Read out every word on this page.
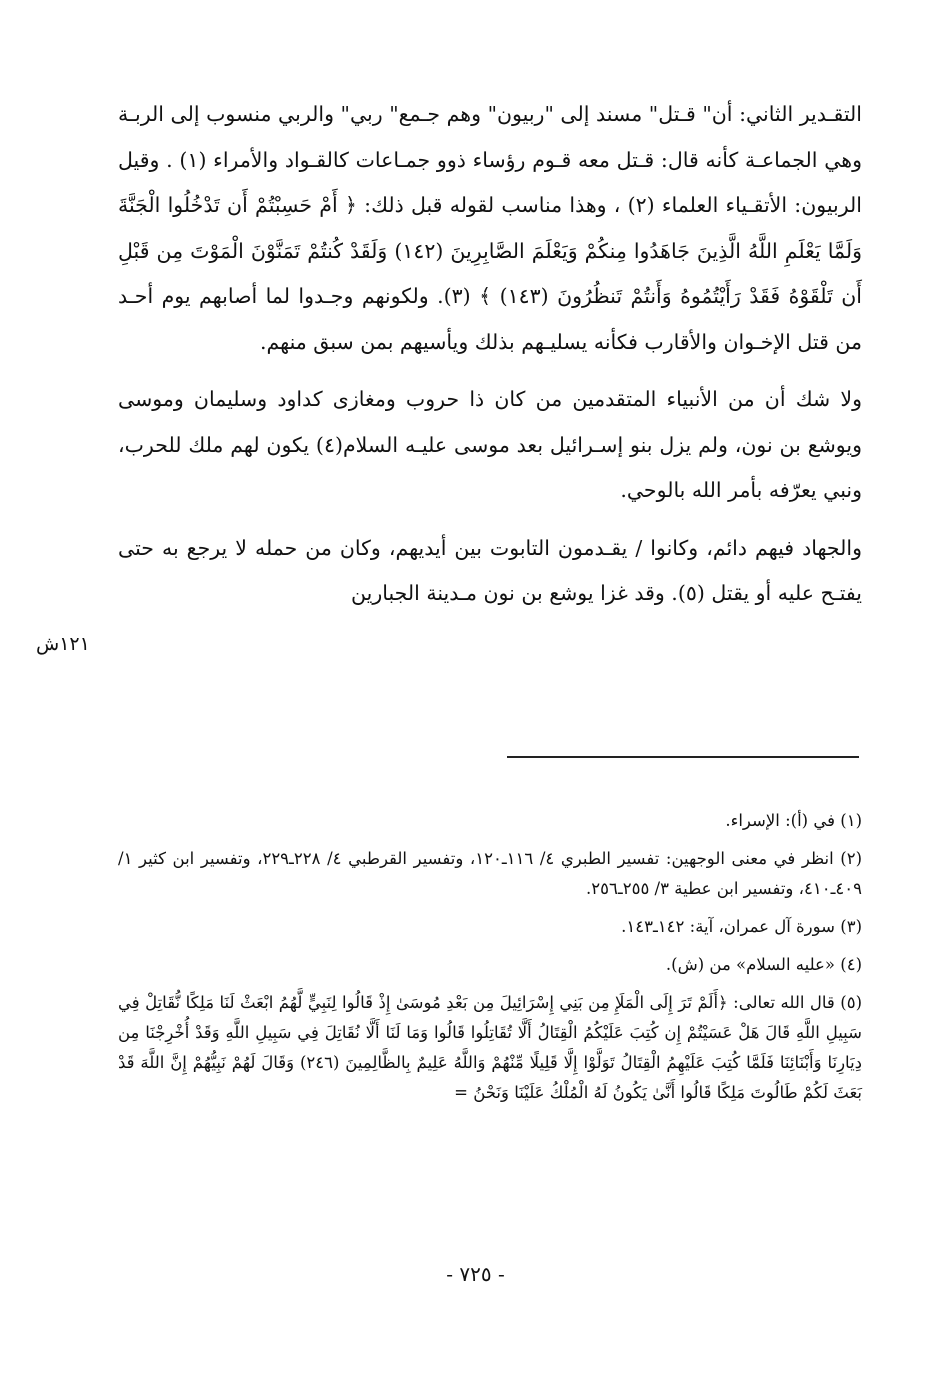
التقـدير الثاني: أن" قـتل" مسند إلى "ربيون" وهم جـمع" ربي" والربي منسوب إلى الربـة وهي الجماعـة كأنه قال: قـتل معه قـوم رؤساء ذوو جمـاعات كالقـواد والأمراء (١) . وقيل الربيون: الأتقـياء العلماء (٢) ، وهذا مناسب لقوله قبل ذلك: ﴿ أَمْ حَسِبْتُمْ أَن تَدْخُلُوا الْجَنَّةَ وَلَمَّا يَعْلَمِ اللَّهُ الَّذِينَ جَاهَدُوا مِنكُمْ وَيَعْلَمَ الصَّابِرِينَ (١٤٢) وَلَقَدْ كُنتُمْ تَمَنَّوْنَ الْمَوْتَ مِن قَبْلِ أَن تَلْقَوْهُ فَقَدْ رَأَيْتُمُوهُ وَأَنتُمْ تَنظُرُونَ (١٤٣) ﴾ (٣). ولكونهم وجـدوا لما أصابهم يوم أحـد من قتل الإخـوان والأقارب فكأنه يسليـهم بذلك ويأسيهم بمن سبق منهم.

ولا شك أن من الأنبياء المتقدمين من كان ذا حروب ومغازى كداود وسليمان وموسى ويوشع بن نون، ولم يزل بنو إسـرائيل بعد موسى عليـه السلام(٤) يكون لهم ملك للحرب، ونبي يعرّفه بأمر الله بالوحي.

والجهاد فيهم دائم، وكانوا / يقـدمون التابوت بين أيديهم، وكان من حمله لا يرجع به حتى يفتـح عليه أو يقتل (٥). وقد غزا يوشع بن نون مـدينة الجبارين

١٢١ش
(١) في (أ): الإسراء.
(٢) انظر في معنى الوجهين: تفسير الطبري ٤/ ١١٦ـ١٢٠، وتفسير القرطبي ٤/ ٢٢٨ـ٢٢٩، وتفسير ابن كثير ١/ ٤٠٩ـ٤١٠، وتفسير ابن عطية ٣/ ٢٥٥ـ٢٥٦.
(٣) سورة آل عمران، آية: ١٤٢ـ١٤٣.
(٤) «عليه السلام» من (ش).
(٥) قال الله تعالى: ﴿أَلَمْ تَرَ إِلَى الْمَلَإِ مِن بَنِي إِسْرَائِيلَ مِن بَعْدِ مُوسَىٰ إِذْ قَالُوا لِنَبِيٍّ لَّهُمُ ابْعَثْ لَنَا مَلِكًا نُّقَاتِلْ فِي سَبِيلِ اللَّهِ قَالَ هَلْ عَسَيْتُمْ إِن كُتِبَ عَلَيْكُمُ الْقِتَالُ أَلَّا تُقَاتِلُوا قَالُوا وَمَا لَنَا أَلَّا نُقَاتِلَ فِي سَبِيلِ اللَّهِ وَقَدْ أُخْرِجْنَا مِن دِيَارِنَا وَأَبْنَائِنَا فَلَمَّا كُتِبَ عَلَيْهِمُ الْقِتَالُ تَوَلَّوْا إِلَّا قَلِيلًا مِّنْهُمْ وَاللَّهُ عَلِيمٌ بِالظَّالِمِينَ (٢٤٦) وَقَالَ لَهُمْ نَبِيُّهُمْ إِنَّ اللَّهَ قَدْ بَعَثَ لَكُمْ طَالُوتَ مَلِكًا قَالُوا أَنَّىٰ يَكُونُ لَهُ الْمُلْكُ عَلَيْنَا وَنَحْنُ =
- ٧٢٥ -
